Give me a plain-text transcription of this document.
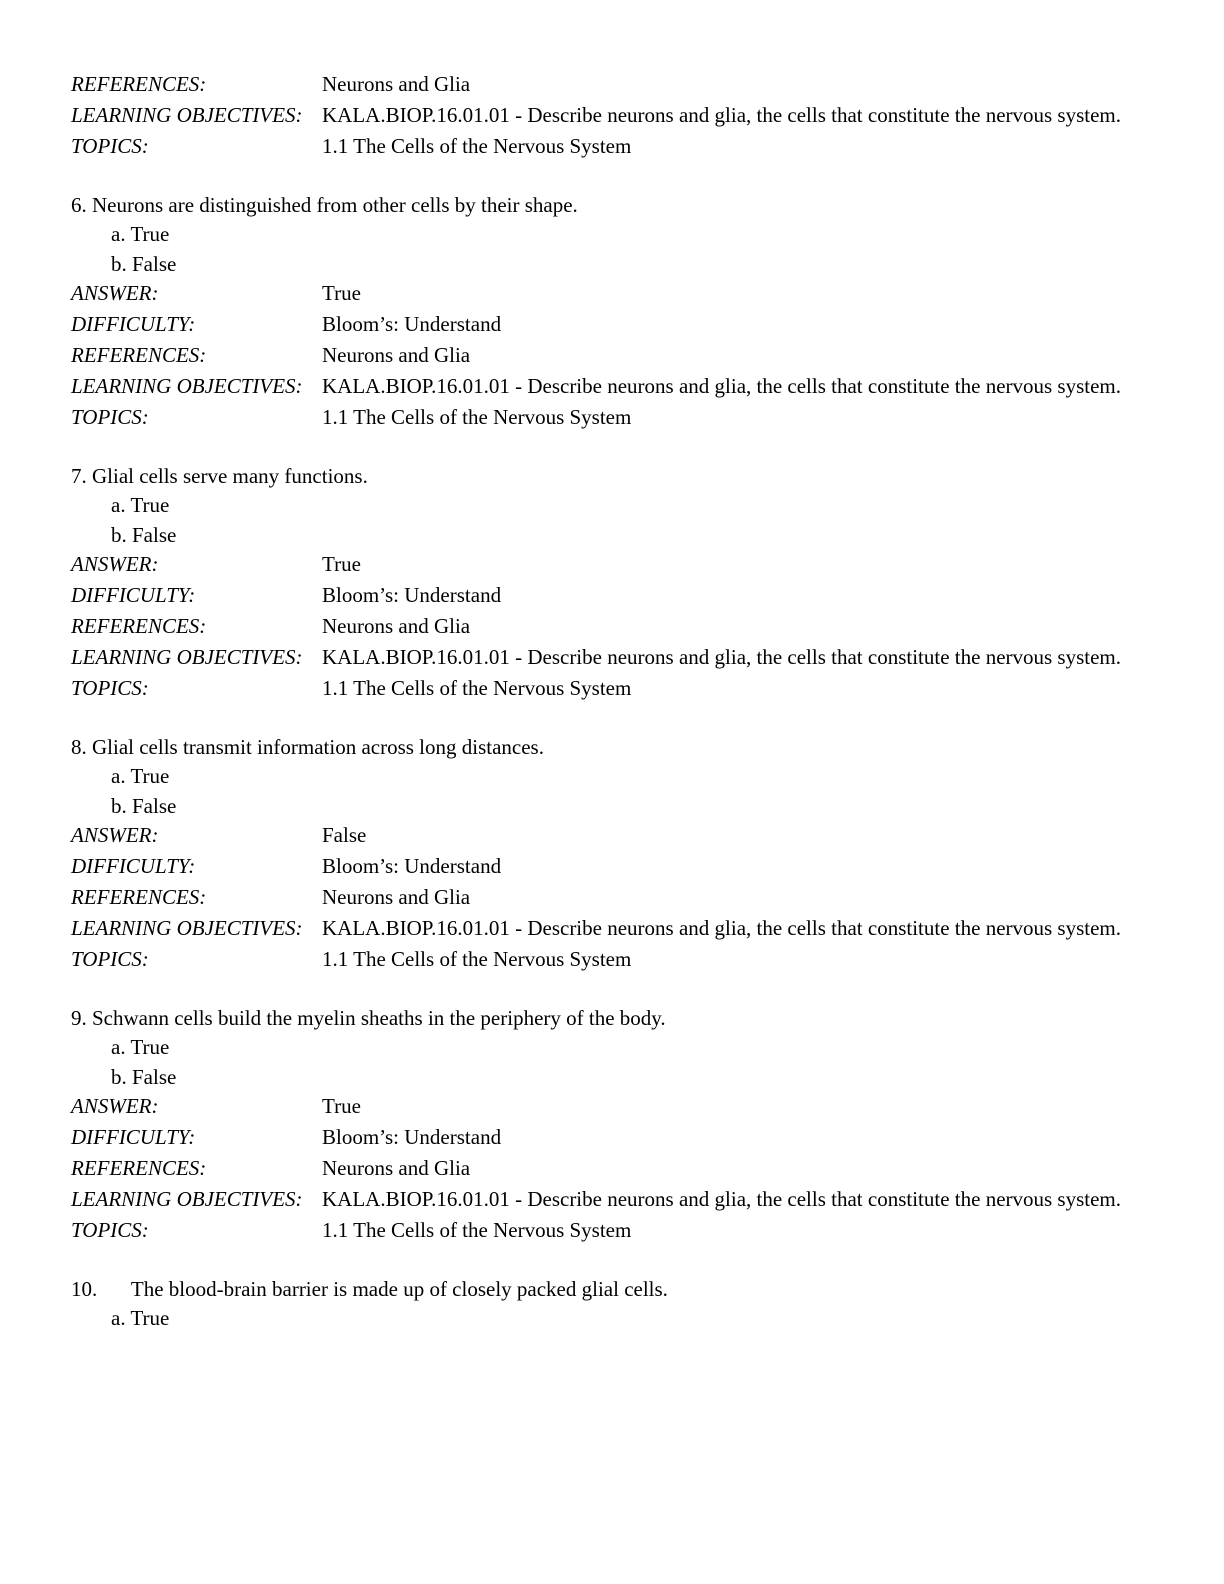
REFERENCES:	Neurons and Glia
LEARNING OBJECTIVES: KALA.BIOP.16.01.01 - Describe neurons and glia, the cells that constitute the nervous system.
TOPICS:	1.1 The Cells of the Nervous System
6. Neurons are distinguished from other cells by their shape.
a. True
b. False
ANSWER:	True
DIFFICULTY:	Bloom’s: Understand
REFERENCES:	Neurons and Glia
LEARNING OBJECTIVES: KALA.BIOP.16.01.01 - Describe neurons and glia, the cells that constitute the nervous system.
TOPICS:	1.1 The Cells of the Nervous System
7. Glial cells serve many functions.
a. True
b. False
ANSWER:	True
DIFFICULTY:	Bloom’s: Understand
REFERENCES:	Neurons and Glia
LEARNING OBJECTIVES: KALA.BIOP.16.01.01 - Describe neurons and glia, the cells that constitute the nervous system.
TOPICS:	1.1 The Cells of the Nervous System
8. Glial cells transmit information across long distances.
a. True
b. False
ANSWER:	False
DIFFICULTY:	Bloom’s: Understand
REFERENCES:	Neurons and Glia
LEARNING OBJECTIVES: KALA.BIOP.16.01.01 - Describe neurons and glia, the cells that constitute the nervous system.
TOPICS:	1.1 The Cells of the Nervous System
9. Schwann cells build the myelin sheaths in the periphery of the body.
a. True
b. False
ANSWER:	True
DIFFICULTY:	Bloom’s: Understand
REFERENCES:	Neurons and Glia
LEARNING OBJECTIVES: KALA.BIOP.16.01.01 - Describe neurons and glia, the cells that constitute the nervous system.
TOPICS:	1.1 The Cells of the Nervous System
10. The blood-brain barrier is made up of closely packed glial cells.
a. True
